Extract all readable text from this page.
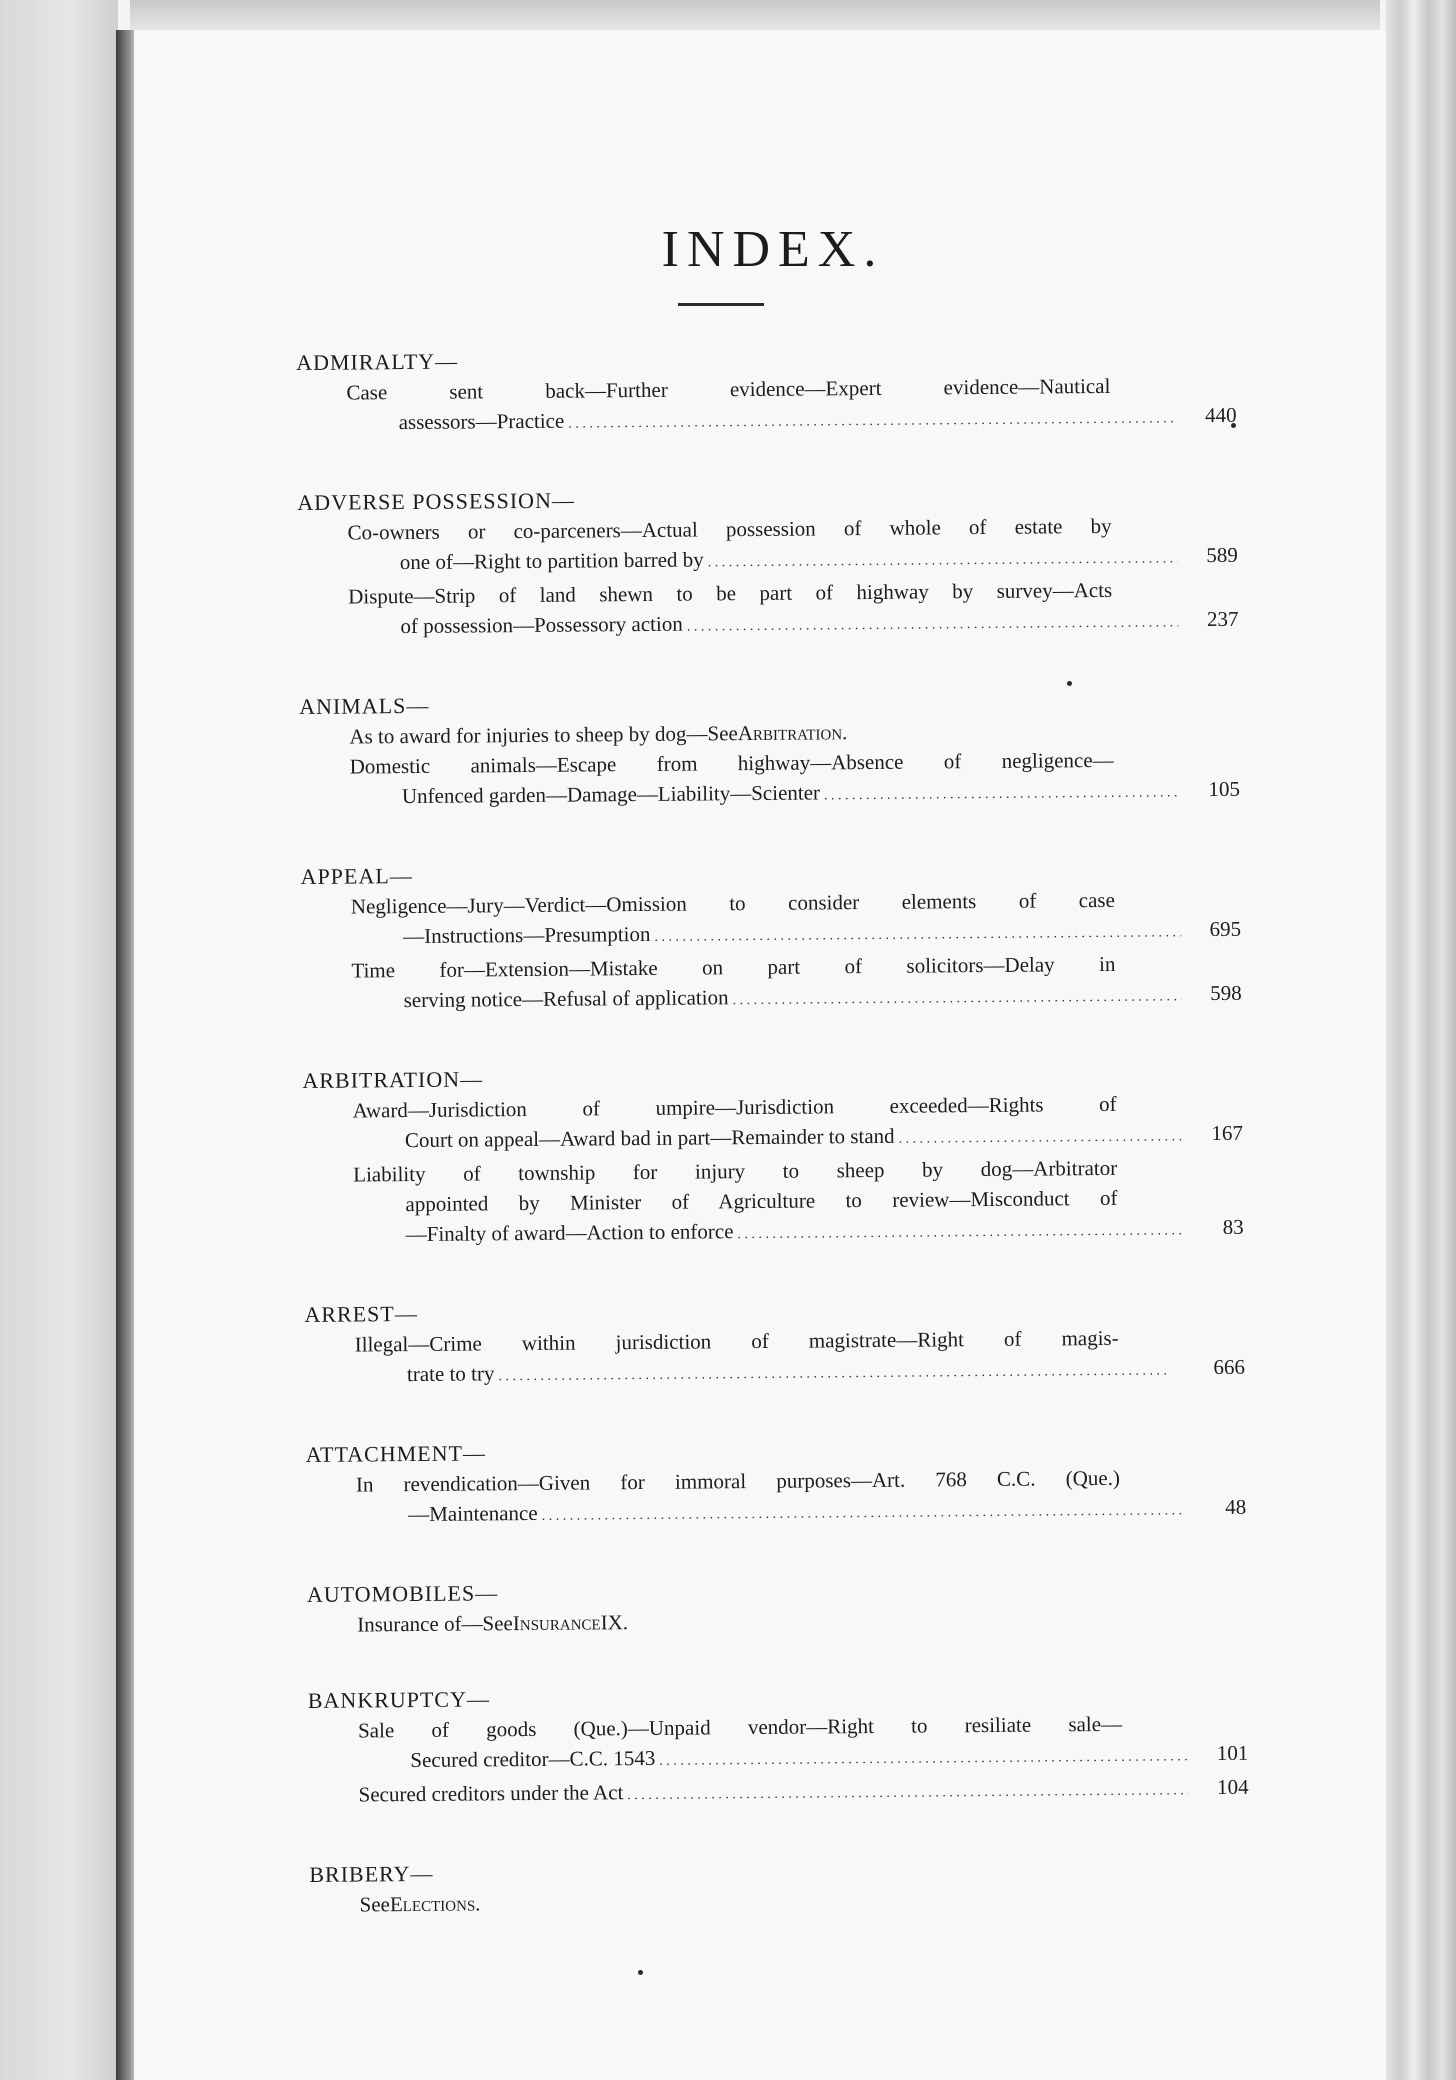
INDEX.
ADMIRALTY—
Case sent back—Further evidence—Expert evidence—Nautical
assessors—Practice . . .	440
ADVERSE POSSESSION—
Co-owners or co-parceners—Actual possession of whole of estate by
one of—Right to partition barred by . . .	589
Dispute—Strip of land shewn to be part of highway by survey—Acts
of possession—Possessory action . . .	237
ANIMALS—
As to award for injuries to sheep by dog—See Arbitration.
Domestic animals—Escape from highway—Absence of negligence—
Unfenced garden—Damage—Liability—Scienter . . .	105
APPEAL—
Negligence—Jury—Verdict—Omission to consider elements of case
—Instructions—Presumption . . .	695
Time for—Extension—Mistake on part of solicitors—Delay in
serving notice—Refusal of application . . .	598
ARBITRATION—
Award—Jurisdiction of umpire—Jurisdiction exceeded—Rights of
Court on appeal—Award bad in part—Remainder to stand . . .	167
Liability of township for injury to sheep by dog—Arbitrator
appointed by Minister of Agriculture to review—Misconduct of
—Finalty of award—Action to enforce . . .	83
ARREST—
Illegal—Crime within jurisdiction of magistrate—Right of magis-
trate to try . . .	666
ATTACHMENT—
In revendication—Given for immoral purposes—Art. 768 C.C. (Que.)
—Maintenance . . .	48
AUTOMOBILES—
Insurance of—See Insurance IX.
BANKRUPTCY—
Sale of goods (Que.)—Unpaid vendor—Right to resiliate sale—
Secured creditor—C.C. 1543 . . .	101
Secured creditors under the Act . . .	104
BRIBERY—
See Elections.
